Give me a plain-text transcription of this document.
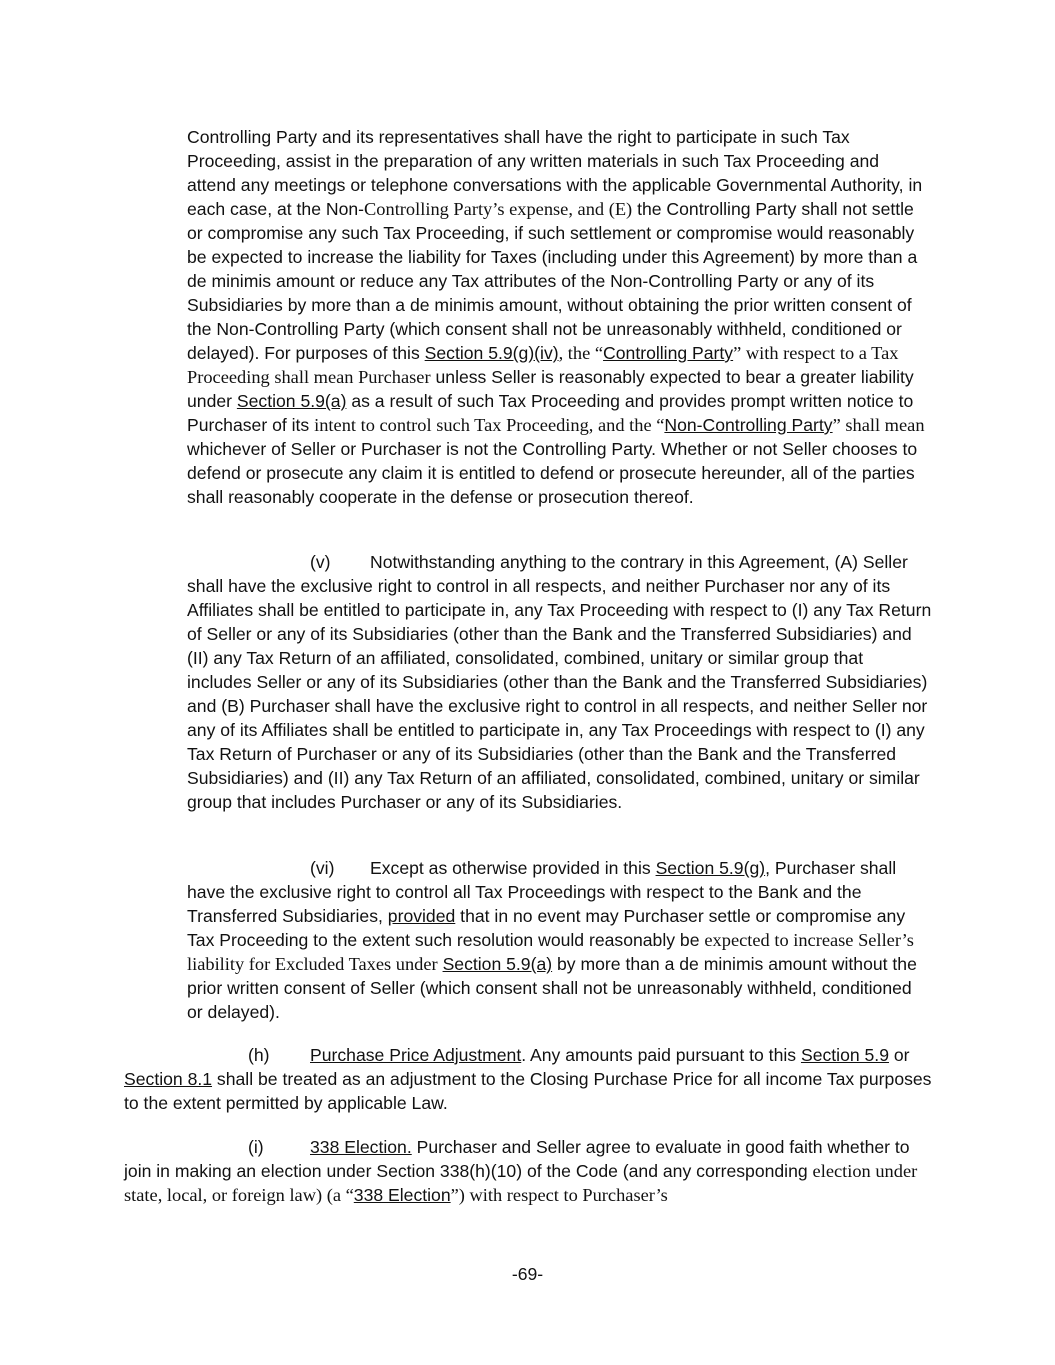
Controlling Party and its representatives shall have the right to participate in such Tax Proceeding, assist in the preparation of any written materials in such Tax Proceeding and attend any meetings or telephone conversations with the applicable Governmental Authority, in each case, at the Non-Controlling Party’s expense, and (E) the Controlling Party shall not settle or compromise any such Tax Proceeding, if such settlement or compromise would reasonably be expected to increase the liability for Taxes (including under this Agreement) by more than a de minimis amount or reduce any Tax attributes of the Non-Controlling Party or any of its Subsidiaries by more than a de minimis amount, without obtaining the prior written consent of the Non-Controlling Party (which consent shall not be unreasonably withheld, conditioned or delayed). For purposes of this Section 5.9(g)(iv), the “Controlling Party” with respect to a Tax Proceeding shall mean Purchaser unless Seller is reasonably expected to bear a greater liability under Section 5.9(a) as a result of such Tax Proceeding and provides prompt written notice to Purchaser of its intent to control such Tax Proceeding, and the “Non-Controlling Party” shall mean whichever of Seller or Purchaser is not the Controlling Party. Whether or not Seller chooses to defend or prosecute any claim it is entitled to defend or prosecute hereunder, all of the parties shall reasonably cooperate in the defense or prosecution thereof.

(v) Notwithstanding anything to the contrary in this Agreement, (A) Seller shall have the exclusive right to control in all respects, and neither Purchaser nor any of its Affiliates shall be entitled to participate in, any Tax Proceeding with respect to (I) any Tax Return of Seller or any of its Subsidiaries (other than the Bank and the Transferred Subsidiaries) and (II) any Tax Return of an affiliated, consolidated, combined, unitary or similar group that includes Seller or any of its Subsidiaries (other than the Bank and the Transferred Subsidiaries) and (B) Purchaser shall have the exclusive right to control in all respects, and neither Seller nor any of its Affiliates shall be entitled to participate in, any Tax Proceedings with respect to (I) any Tax Return of Purchaser or any of its Subsidiaries (other than the Bank and the Transferred Subsidiaries) and (II) any Tax Return of an affiliated, consolidated, combined, unitary or similar group that includes Purchaser or any of its Subsidiaries.

(vi) Except as otherwise provided in this Section 5.9(g), Purchaser shall have the exclusive right to control all Tax Proceedings with respect to the Bank and the Transferred Subsidiaries, provided that in no event may Purchaser settle or compromise any Tax Proceeding to the extent such resolution would reasonably be expected to increase Seller’s liability for Excluded Taxes under Section 5.9(a) by more than a de minimis amount without the prior written consent of Seller (which consent shall not be unreasonably withheld, conditioned or delayed).

(h) Purchase Price Adjustment. Any amounts paid pursuant to this Section 5.9 or Section 8.1 shall be treated as an adjustment to the Closing Purchase Price for all income Tax purposes to the extent permitted by applicable Law.

(i)	338 Election. Purchaser and Seller agree to evaluate in good faith whether to join in making an election under Section 338(h)(10) of the Code (and any corresponding election under state, local, or foreign law) (a “338 Election”) with respect to Purchaser’s

-69-
